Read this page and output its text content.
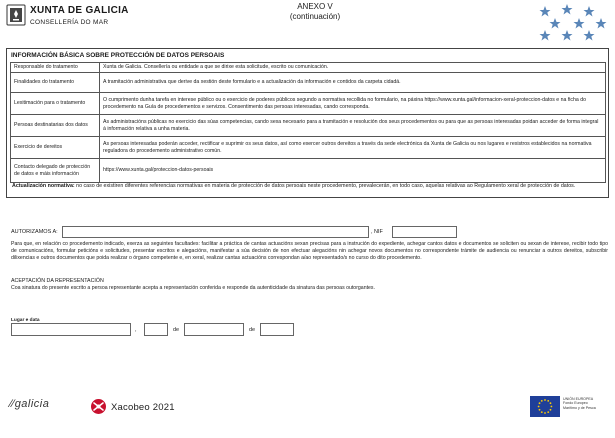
XUNTA DE GALICIA
CONSELLERÍA DO MAR
ANEXO V
(continuación)
INFORMACIÓN BÁSICA SOBRE PROTECCIÓN DE DATOS PERSOAIS
Responsable do tratamento	Xunta de Galicia. Consellería ou entidade a que se dirixe esta solicitude, escrito ou comunicación.
Finalidades do tratamento	A tramitación administrativa que derive da xestión deste formulario e a actualización da información e contidos da carpeta cidadá.
Lexitimación para o tratamento	O cumprimento dunha tarefa en interese público ou o exercicio de poderes públicos segundo a normativa recollida no formulario, na páxina https://www.xunta.gal/informacion-xeral-proteccion-datos e na ficha do procedemento na Guía de procedementos e servizos. Consentimento das persoas interesadas, cando corresponda.
Persoas destinatarias dos datos	As administracións públicas no exercicio das súas competencias, cando sexa necesario para a tramitación e resolución dos seus procedementos ou para que as persoas interesadas poidan acceder de forma integral á información relativa a unha materia.
Exercicio de dereitos	As persoas interesadas poderán acceder, rectificar e suprimir os seus datos, así como exercer outros dereitos a través da sede electrónica da Xunta de Galicia ou nos lugares e rexistros establecidos na normativa reguladora do procedemento administrativo común.
Contacto delegado de protección de datos e máis información	https://www.xunta.gal/proteccion-datos-persoais
Actualización normativa: no caso de existiren diferentes referencias normativas en materia de protección de datos persoais neste procedemento, prevalecerán, en todo caso, aquelas relativas ao Regulamento xeral de protección de datos.
AUTORIZAMOS A:	, NIF
Para que, en relación co procedemento indicado, exerza as seguintes facultades: facilitar a práctica de cantas actuacións sexan precisas para a instrución do expediente, achegar cantos datos e documentos se soliciten ou sexan de interese, recibir todo tipo de comunicacións, formular peticións e solicitudes, presentar escritos e alegacións, manifestar a súa decisión de non efectuar alegacións nin achegar novos documentos no correspondente trámite de audiencia ou renunciar a outros dereitos, subscribir dilixencias e outros documentos que poida realizar o órgano competente e, en xeral, realizar cantas actuacións correspondan a/ao representado/s no curso do dito procedemento.
ACEPTACIÓN DA REPRESENTACIÓN
Coa sinatura do presente escrito a persoa representante acepta a representación conferida e responde da autenticidade da sinatura das persoas outorgantes.
Lugar e data
,	de	de
∕∕galicia	Xacobeo 2021
UNIÓN EUROPEA
Fondo Europeo
Marítimo y de Pesca
